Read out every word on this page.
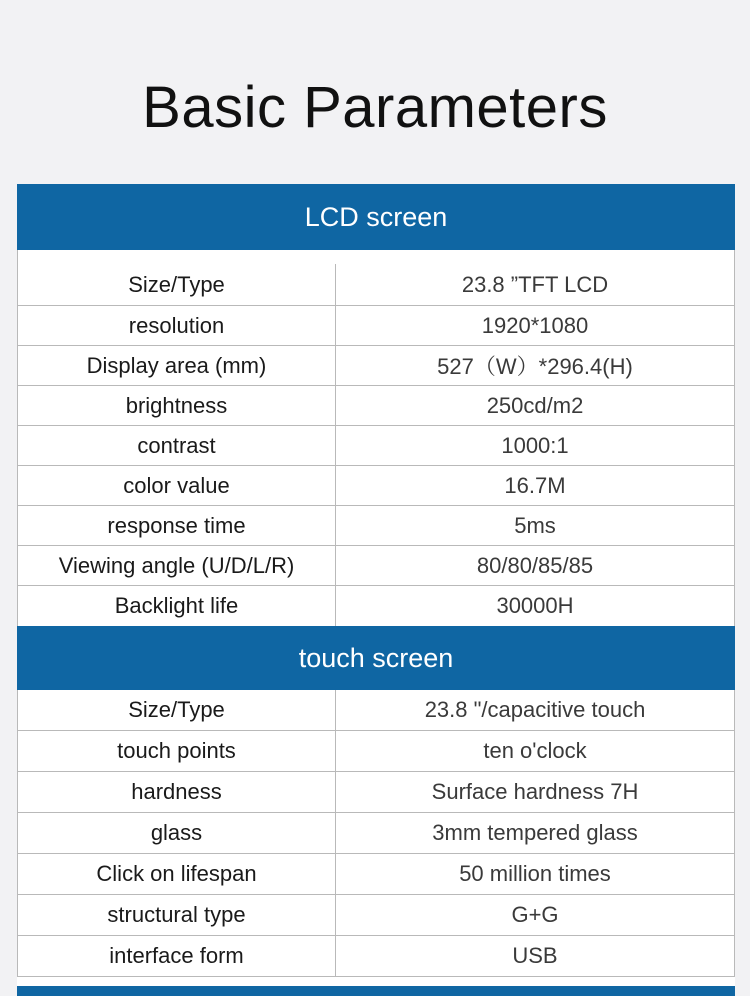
Basic Parameters
LCD screen
Size/Type	23.8 ”TFT LCD
resolution	1920*1080
Display area (mm)	527（W）*296.4(H)
brightness	250cd/m2
contrast	1000:1
color value	16.7M
response time	5ms
Viewing angle (U/D/L/R)	80/80/85/85
Backlight life	30000H
touch screen
Size/Type	23.8 "/capacitive touch
touch points	ten o'clock
hardness	Surface hardness 7H
glass	3mm tempered glass
Click on lifespan	50 million times
structural type	G+G
interface form	USB
